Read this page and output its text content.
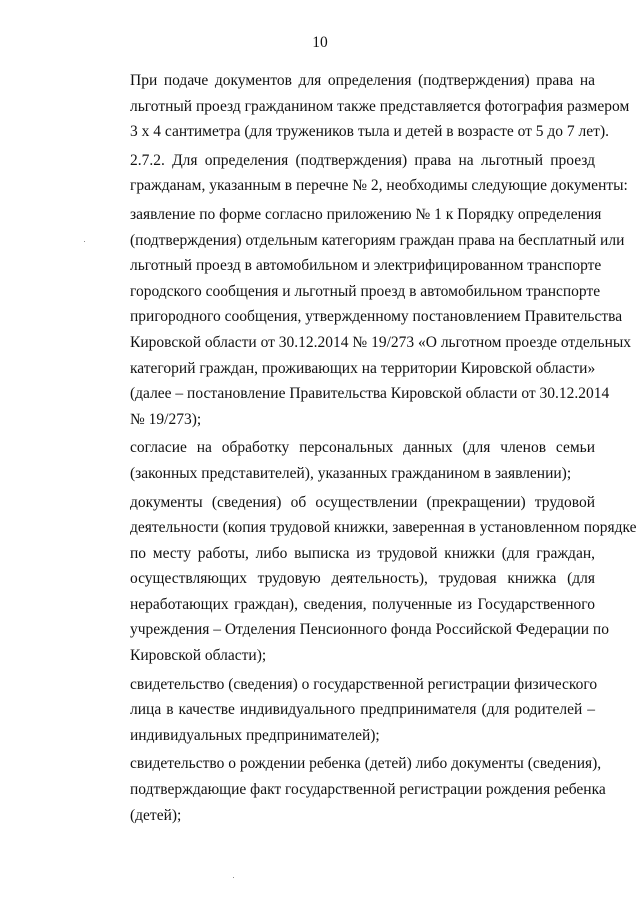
10
При подаче документов для определения (подтверждения) права на
льготный проезд гражданином также представляется фотография размером
3 х 4 сантиметра (для тружеников тыла и детей в возрасте от 5 до 7 лет).
2.7.2. Для определения (подтверждения) права на льготный проезд
гражданам, указанным в перечне № 2, необходимы следующие документы:
заявление по форме согласно приложению № 1 к Порядку определения
(подтверждения) отдельным категориям граждан права на бесплатный или
льготный проезд в автомобильном и электрифицированном транспорте
городского сообщения и льготный проезд в автомобильном транспорте
пригородного сообщения, утвержденному постановлением Правительства
Кировской области от 30.12.2014 № 19/273 «О льготном проезде отдельных
категорий граждан, проживающих на территории Кировской области»
(далее – постановление Правительства Кировской области от 30.12.2014
№ 19/273);
согласие на обработку персональных данных (для членов семьи
(законных представителей), указанных гражданином в заявлении);
документы (сведения) об осуществлении (прекращении) трудовой
деятельности (копия трудовой книжки, заверенная в установленном порядке
по месту работы, либо выписка из трудовой книжки (для граждан,
осуществляющих трудовую деятельность), трудовая книжка (для
неработающих граждан), сведения, полученные из Государственного
учреждения – Отделения Пенсионного фонда Российской Федерации по
Кировской области);
свидетельство (сведения) о государственной регистрации физического
лица в качестве индивидуального предпринимателя (для родителей –
индивидуальных предпринимателей);
свидетельство о рождении ребенка (детей) либо документы (сведения),
подтверждающие факт государственной регистрации рождения ребенка
(детей);
